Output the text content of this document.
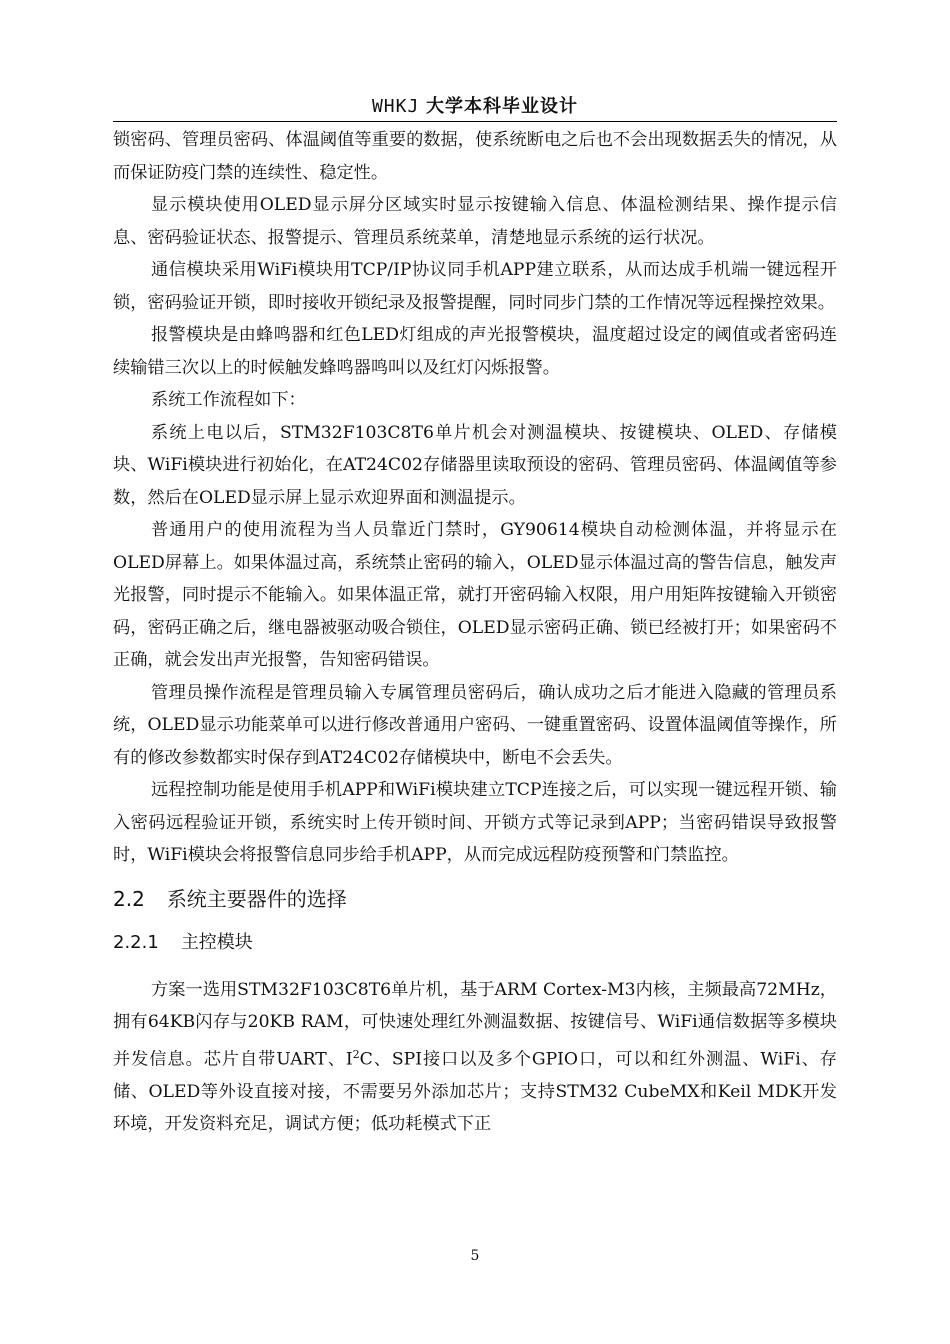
WHKJ 大学本科毕业设计

锁密码、管理员密码、体温阈值等重要的数据，使系统断电之后也不会出现数据丢失的情况，从而保证防疫门禁的连续性、稳定性。

显示模块使用OLED显示屏分区域实时显示按键输入信息、体温检测结果、操作提示信息、密码验证状态、报警提示、管理员系统菜单，清楚地显示系统的运行状况。

通信模块采用WiFi模块用TCP/IP协议同手机APP建立联系，从而达成手机端一键远程开锁，密码验证开锁，即时接收开锁纪录及报警提醒，同时同步门禁的工作情况等远程操控效果。

报警模块是由蜂鸣器和红色LED灯组成的声光报警模块，温度超过设定的阈值或者密码连续输错三次以上的时候触发蜂鸣器鸣叫以及红灯闪烁报警。

系统工作流程如下：

系统上电以后，STM32F103C8T6单片机会对测温模块、按键模块、OLED、存储模块、WiFi模块进行初始化，在AT24C02存储器里读取预设的密码、管理员密码、体温阈值等参数，然后在OLED显示屏上显示欢迎界面和测温提示。

普通用户的使用流程为当人员靠近门禁时，GY90614模块自动检测体温，并将显示在OLED屏幕上。如果体温过高，系统禁止密码的输入，OLED显示体温过高的警告信息，触发声光报警，同时提示不能输入。如果体温正常，就打开密码输入权限，用户用矩阵按键输入开锁密码，密码正确之后，继电器被驱动吸合锁住，OLED显示密码正确、锁已经被打开；如果密码不正确，就会发出声光报警，告知密码错误。

管理员操作流程是管理员输入专属管理员密码后，确认成功之后才能进入隐藏的管理员系统，OLED显示功能菜单可以进行修改普通用户密码、一键重置密码、设置体温阈值等操作，所有的修改参数都实时保存到AT24C02存储模块中，断电不会丢失。

远程控制功能是使用手机APP和WiFi模块建立TCP连接之后，可以实现一键远程开锁、输入密码远程验证开锁，系统实时上传开锁时间、开锁方式等记录到APP；当密码错误导致报警时，WiFi模块会将报警信息同步给手机APP，从而完成远程防疫预警和门禁监控。

2.2 系统主要器件的选择
2.2.1 主控模块

方案一选用STM32F103C8T6单片机，基于ARM Cortex-M3内核，主频最高72MHz，拥有64KB闪存与20KB RAM，可快速处理红外测温数据、按键信号、WiFi通信数据等多模块并发信息。芯片自带UART、$I^2C$、SPI接口以及多个GPIO口，可以和红外测温、WiFi、存储、OLED等外设直接对接，不需要另外添加芯片；支持STM32 CubeMX和Keil MDK开发环境，开发资料充足，调试方便；低功耗模式下正

5
